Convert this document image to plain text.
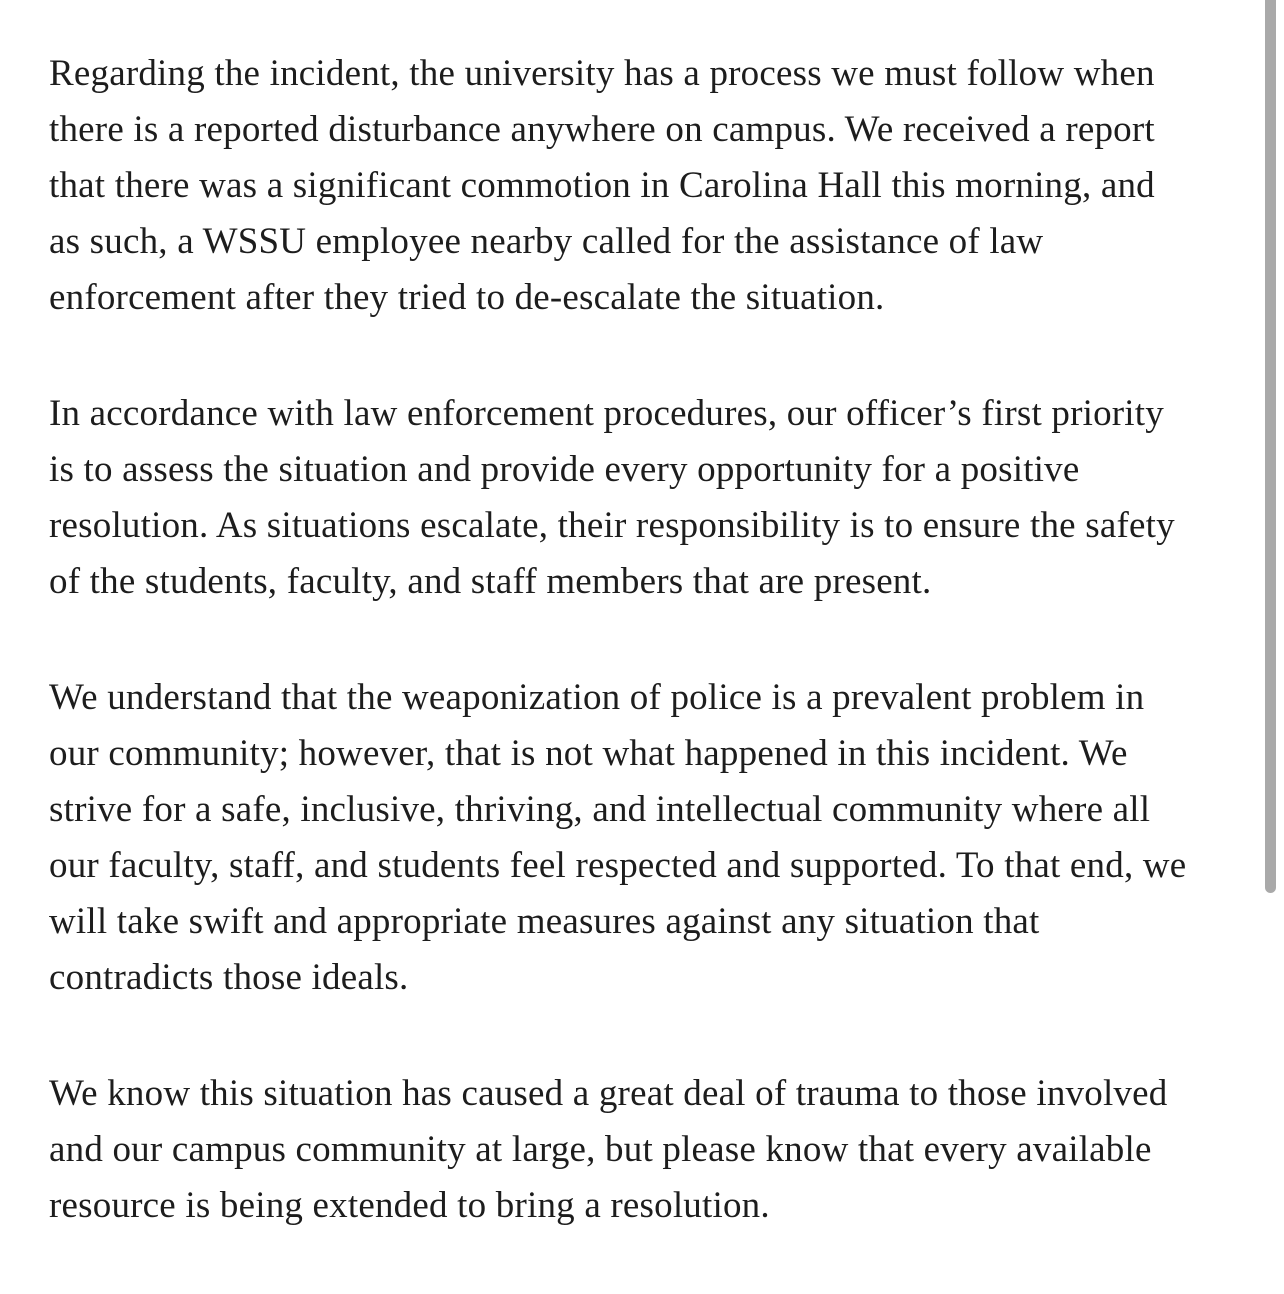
Regarding the incident, the university has a process we must follow when
there is a reported disturbance anywhere on campus. We received a report
that there was a significant commotion in Carolina Hall this morning, and
as such, a WSSU employee nearby called for the assistance of law
enforcement after they tried to de-escalate the situation.
In accordance with law enforcement procedures, our officer’s first priority
is to assess the situation and provide every opportunity for a positive
resolution. As situations escalate, their responsibility is to ensure the safety
of the students, faculty, and staff members that are present.
We understand that the weaponization of police is a prevalent problem in
our community; however, that is not what happened in this incident. We
strive for a safe, inclusive, thriving, and intellectual community where all
our faculty, staff, and students feel respected and supported. To that end, we
will take swift and appropriate measures against any situation that
contradicts those ideals.
We know this situation has caused a great deal of trauma to those involved
and our campus community at large, but please know that every available
resource is being extended to bring a resolution.
